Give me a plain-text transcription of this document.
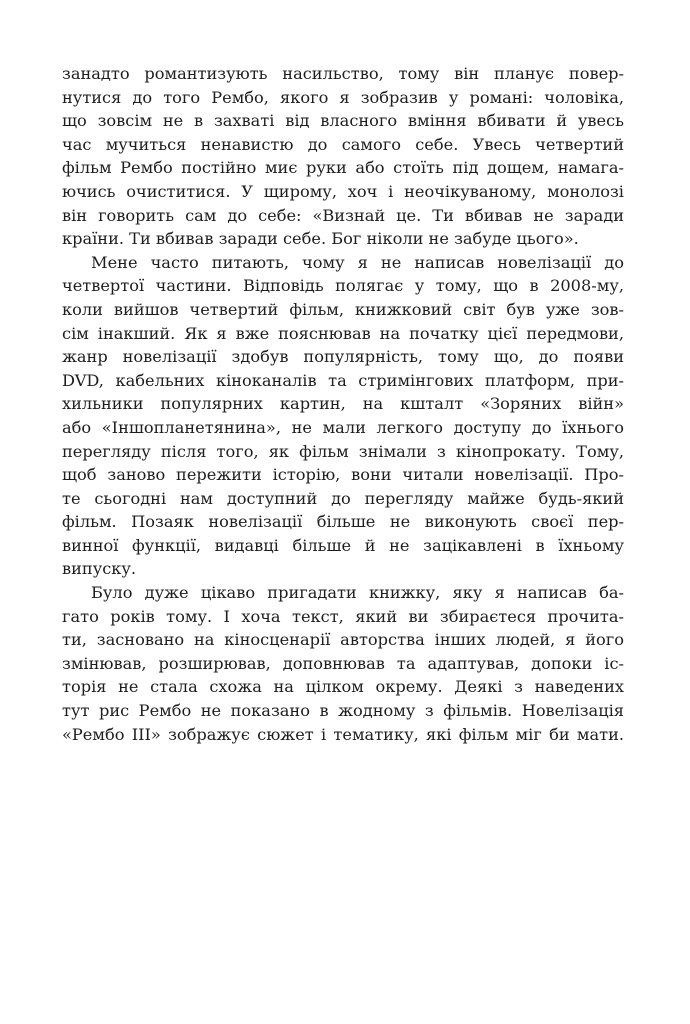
занадто романтизують насильство, тому він планує повер-
нутися до того Рембо, якого я зобразив у романі: чоловіка,
що зовсім не в захваті від власного вміння вбивати й увесь
час мучиться ненавистю до самого себе. Увесь четвертий
фільм Рембо постійно миє руки або стоїть під дощем, намага-
ючись очиститися. У щирому, хоч і неочікуваному, монолозі
він говорить сам до себе: «Визнай це. Ти вбивав не заради
країни. Ти вбивав заради себе. Бог ніколи не забуде цього».
Мене часто питають, чому я не написав новелізації до
четвертої частини. Відповідь полягає у тому, що в 2008-му,
коли вийшов четвертий фільм, книжковий світ був уже зов-
сім інакший. Як я вже пояснював на початку цієї передмови,
жанр новелізації здобув популярність, тому що, до появи
DVD, кабельних кіноканалів та стримінгових платформ, при-
хильники популярних картин, на кшталт «Зоряних війн»
або «Іншопланетянина», не мали легкого доступу до їхнього
перегляду після того, як фільм знімали з кінопрокату. Тому,
щоб заново пережити історію, вони читали новелізації. Про-
те сьогодні нам доступний до перегляду майже будь-який
фільм. Позаяк новелізації більше не виконують своєї пер-
винної функції, видавці більше й не зацікавлені в їхньому
випуску.
Було дуже цікаво пригадати книжку, яку я написав ба-
гато років тому. І хоча текст, який ви збираєтеся прочита-
ти, засновано на кіносценарії авторства інших людей, я його
змінював, розширював, доповнював та адаптував, допоки іс-
торія не стала схожа на цілком окрему. Деякі з наведених
тут рис Рембо не показано в жодному з фільмів. Новелізація
«Рембо ІІІ» зображує сюжет і тематику, які фільм міг би мати.
